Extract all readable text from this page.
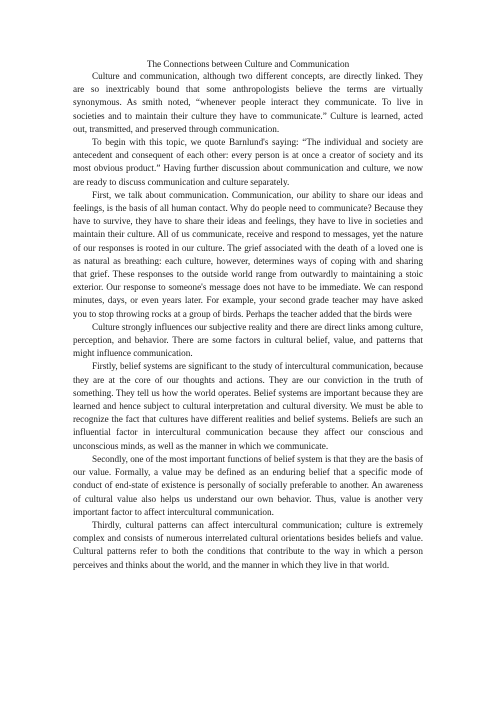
The Connections between Culture and Communication

Culture and communication, although two different concepts, are directly linked. They are so inextricably bound that some anthropologists believe the terms are virtually synonymous. As smith noted, “whenever people interact they communicate. To live in societies and to maintain their culture they have to communicate.” Culture is learned, acted out, transmitted, and preserved through communication.

To begin with this topic, we quote Barnlund's saying: “The individual and society are antecedent and consequent of each other: every person is at once a creator of society and its most obvious product.” Having further discussion about communication and culture, we now are ready to discuss communication and culture separately.

First, we talk about communication. Communication, our ability to share our ideas and feelings, is the basis of all human contact. Why do people need to communicate? Because they have to survive, they have to share their ideas and feelings, they have to live in societies and maintain their culture. All of us communicate, receive and respond to messages, yet the nature of our responses is rooted in our culture. The grief associated with the death of a loved one is as natural as breathing: each culture, however, determines ways of coping with and sharing that grief. These responses to the outside world range from outwardly to maintaining a stoic exterior. Our response to someone's message does not have to be immediate. We can respond minutes, days, or even years later. For example, your second grade teacher may have asked you to stop throwing rocks at a group of birds. Perhaps the teacher added that the birds were

Culture strongly influences our subjective reality and there are direct links among culture, perception, and behavior. There are some factors in cultural belief, value, and patterns that might influence communication.

Firstly, belief systems are significant to the study of intercultural communication, because they are at the core of our thoughts and actions. They are our conviction in the truth of something. They tell us how the world operates. Belief systems are important because they are learned and hence subject to cultural interpretation and cultural diversity. We must be able to recognize the fact that cultures have different realities and belief systems. Beliefs are such an influential factor in intercultural communication because they affect our conscious and unconscious minds, as well as the manner in which we communicate.

Secondly, one of the most important functions of belief system is that they are the basis of our value. Formally, a value may be defined as an enduring belief that a specific mode of conduct of end-state of existence is personally of socially preferable to another. An awareness of cultural value also helps us understand our own behavior. Thus, value is another very important factor to affect intercultural communication.

Thirdly, cultural patterns can affect intercultural communication; culture is extremely complex and consists of numerous interrelated cultural orientations besides beliefs and value. Cultural patterns refer to both the conditions that contribute to the way in which a person perceives and thinks about the world, and the manner in which they live in that world.
